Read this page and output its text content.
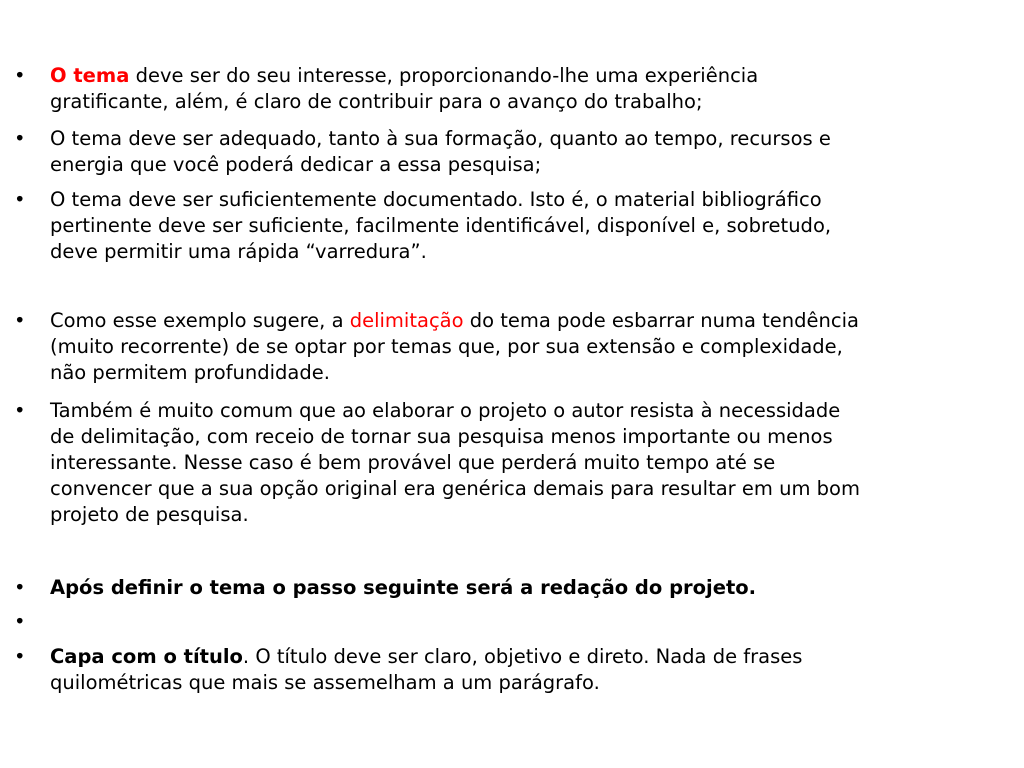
•	O tema deve ser do seu interesse, proporcionando-lhe uma experiência
gratificante, além, é claro de contribuir para o avanço do trabalho;
•	O tema deve ser adequado, tanto à sua formação, quanto ao tempo, recursos e
energia que você poderá dedicar a essa pesquisa;
•	O tema deve ser suficientemente documentado. Isto é, o material bibliográfico
pertinente deve ser suficiente, facilmente identificável, disponível e, sobretudo,
deve permitir uma rápida “varredura”.
•	Como esse exemplo sugere, a delimitação do tema pode esbarrar numa tendência
(muito recorrente) de se optar por temas que, por sua extensão e complexidade,
não permitem profundidade.
•	Também é muito comum que ao elaborar o projeto o autor resista à necessidade
de delimitação, com receio de tornar sua pesquisa menos importante ou menos
interessante. Nesse caso é bem provável que perderá muito tempo até se
convencer que a sua opção original era genérica demais para resultar em um bom
projeto de pesquisa.
•	Após definir o tema o passo seguinte será a redação do projeto.
•
•	Capa com o título. O título deve ser claro, objetivo e direto. Nada de frases
quilométricas que mais se assemelham a um parágrafo.
